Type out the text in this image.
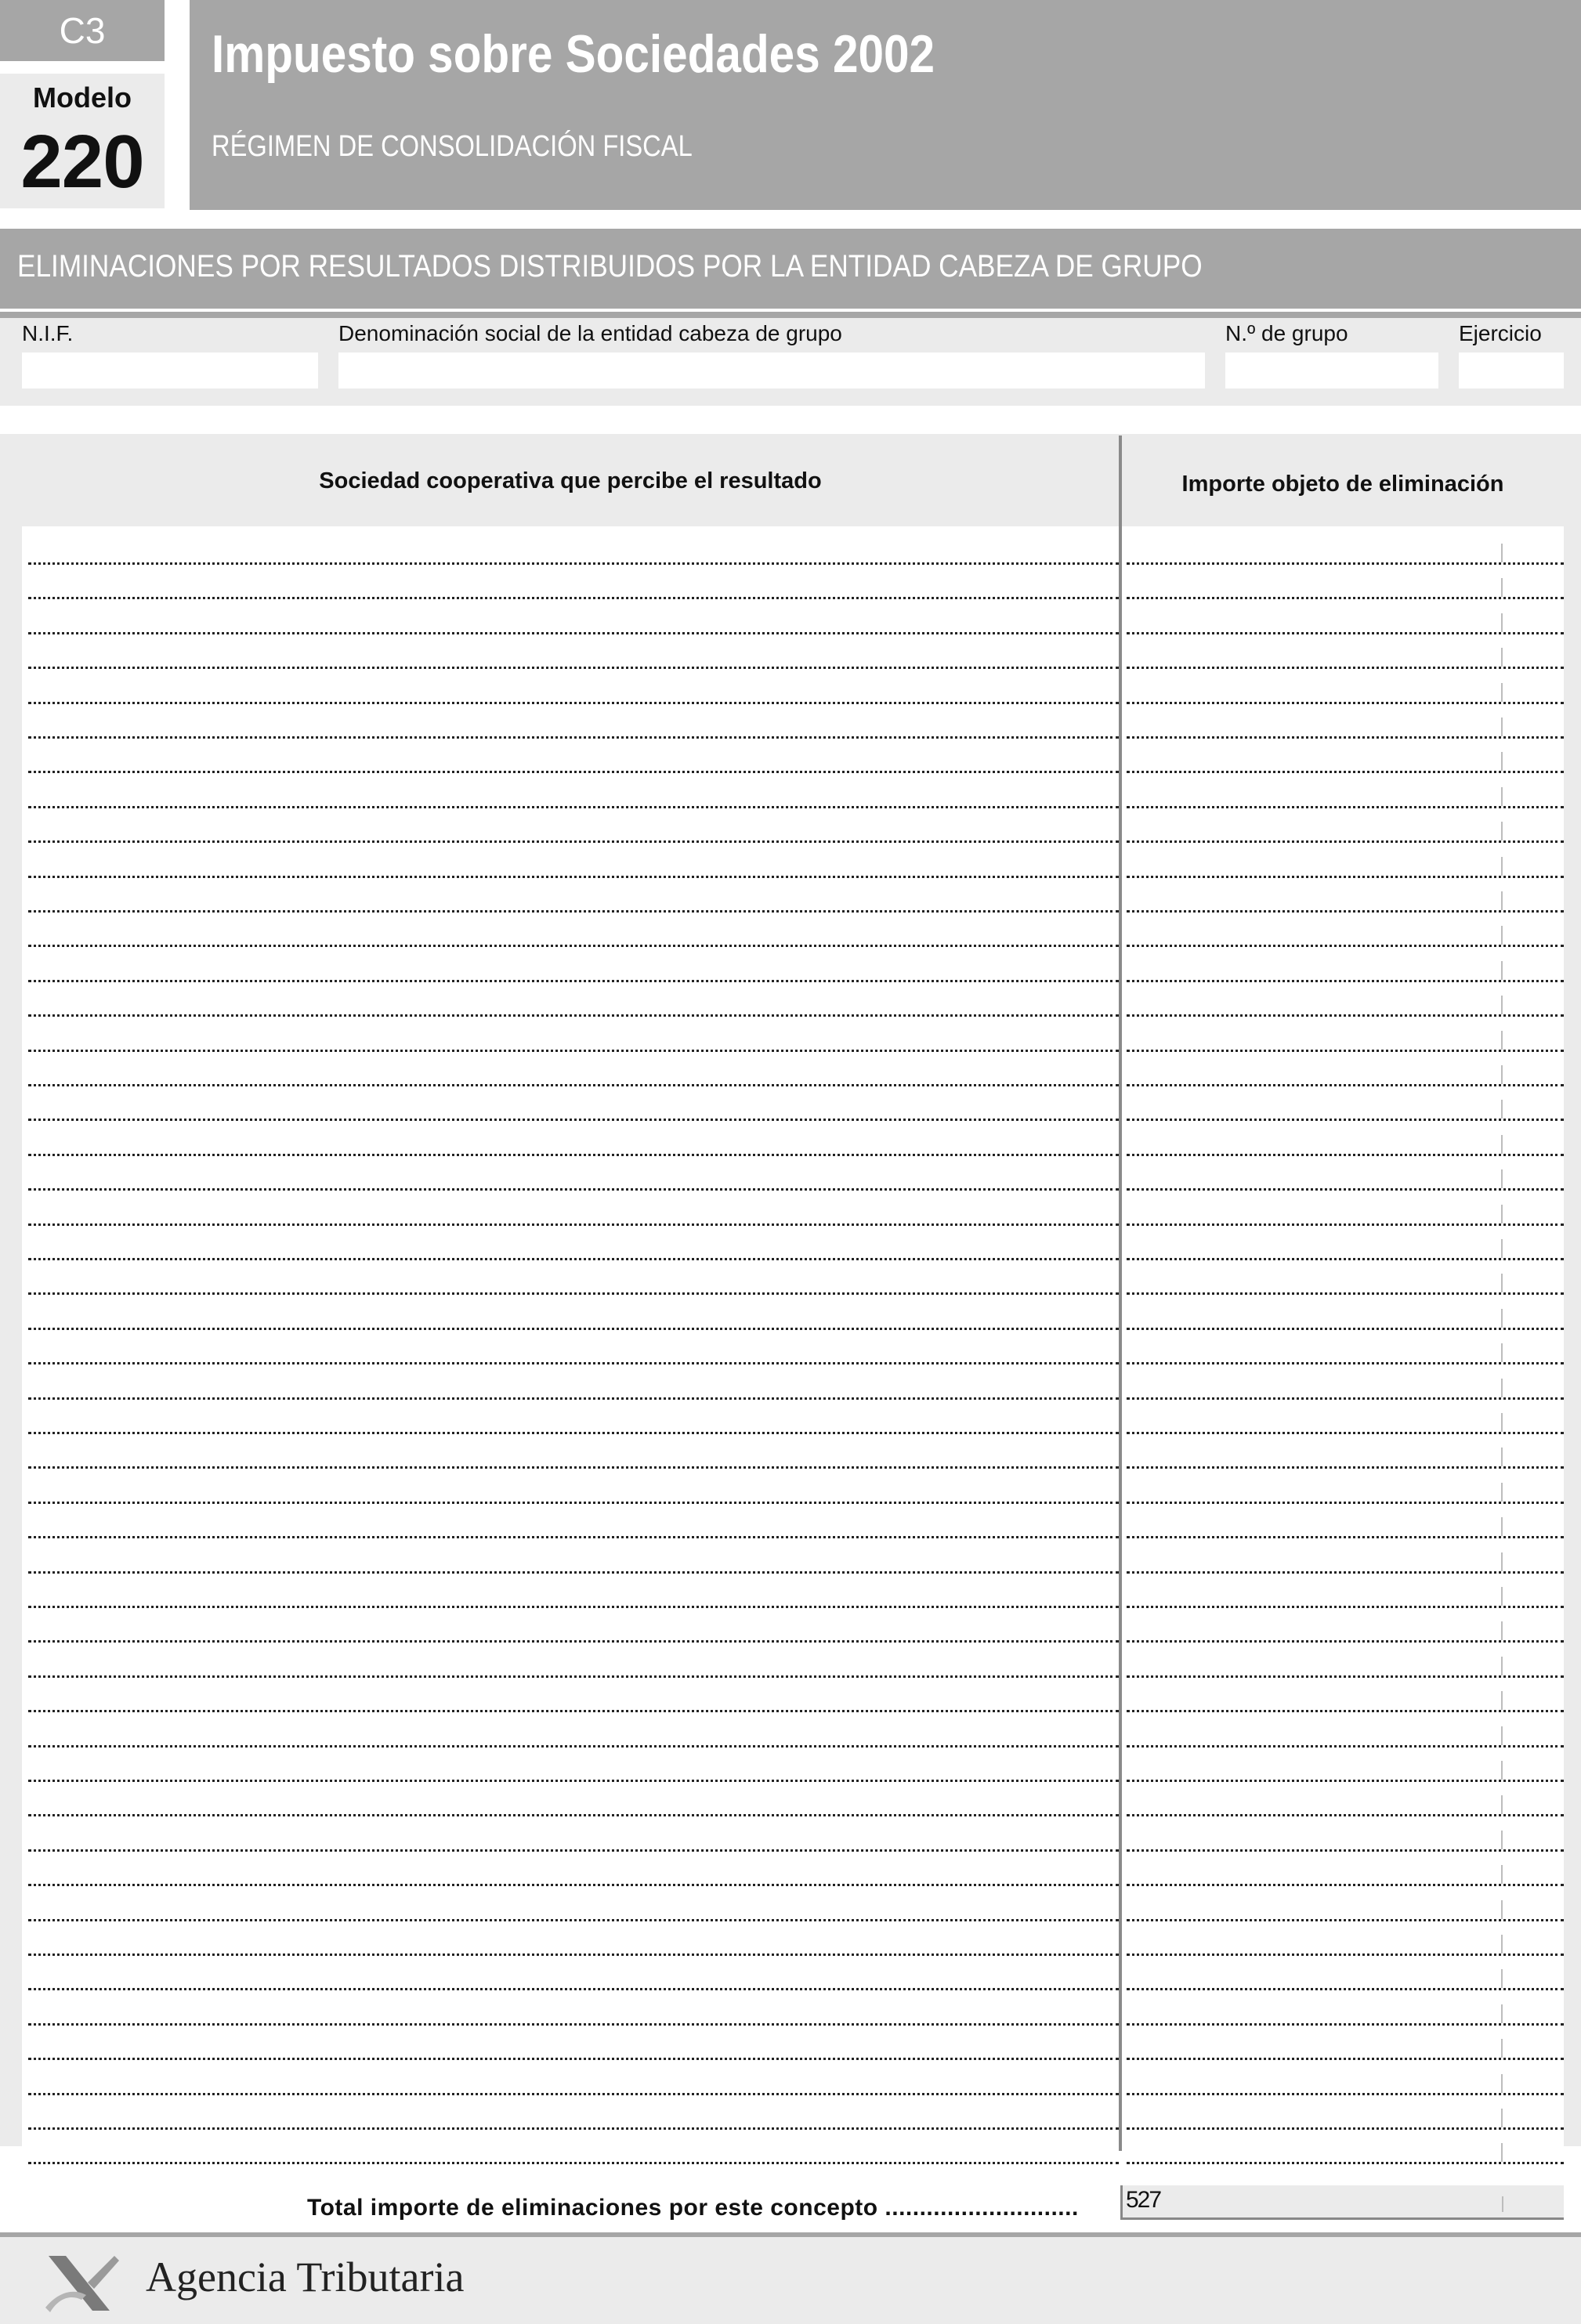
C3
Modelo
220
Impuesto sobre Sociedades 2002
RÉGIMEN DE CONSOLIDACIÓN FISCAL
ELIMINACIONES POR RESULTADOS DISTRIBUIDOS POR LA ENTIDAD CABEZA DE GRUPO
N.I.F.	Denominación social de la entidad cabeza de grupo	N.º de grupo	Ejercicio
Sociedad cooperativa que percibe el resultado	Importe objeto de eliminación
Total importe de eliminaciones por este concepto ............................ 527
Agencia Tributaria
